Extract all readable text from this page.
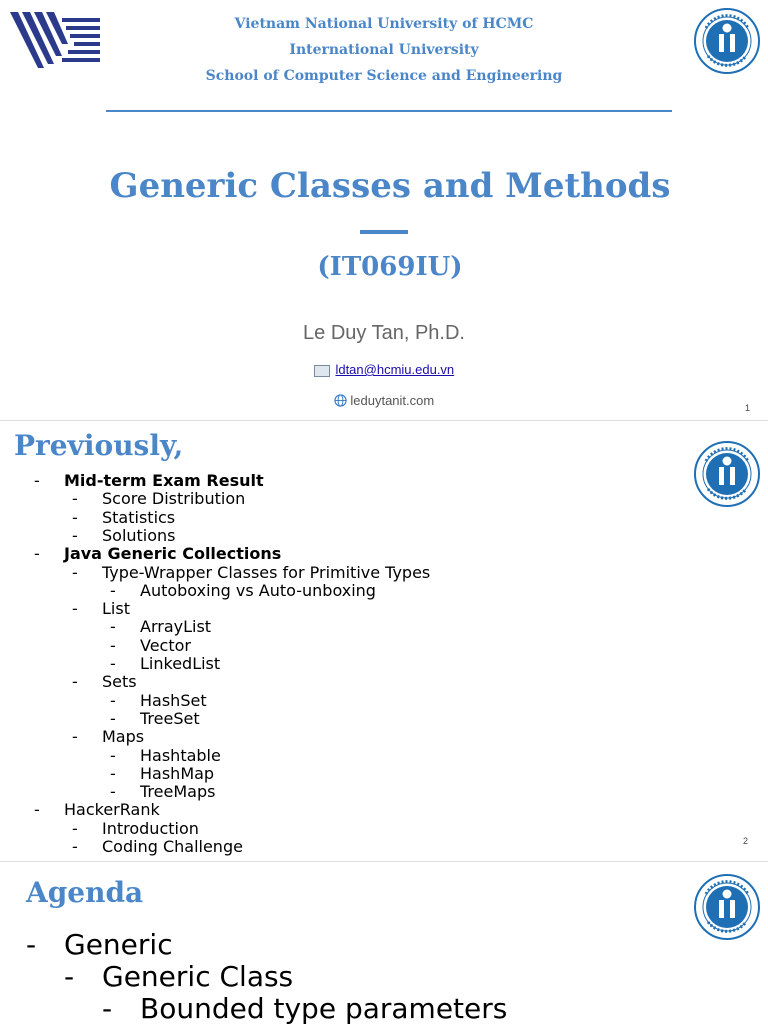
Vietnam National University of HCMC
International University
School of Computer Science and Engineering
Generic Classes and Methods
(IT069IU)
Le Duy Tan, Ph.D.
ldtan@hcmiu.edu.vn
leduytanit.com	1
Previously,
- Mid-term Exam Result
- Score Distribution
- Statistics
- Solutions
- Java Generic Collections
- Type-Wrapper Classes for Primitive Types
- Autoboxing vs Auto-unboxing
- List
- ArrayList
- Vector
- LinkedList
- Sets
- HashSet
- TreeSet
- Maps
- Hashtable
- HashMap
- TreeMaps
- HackerRank
- Introduction
- Coding Challenge	2
Agenda
- Generic
- Generic Class
- Bounded type parameters
